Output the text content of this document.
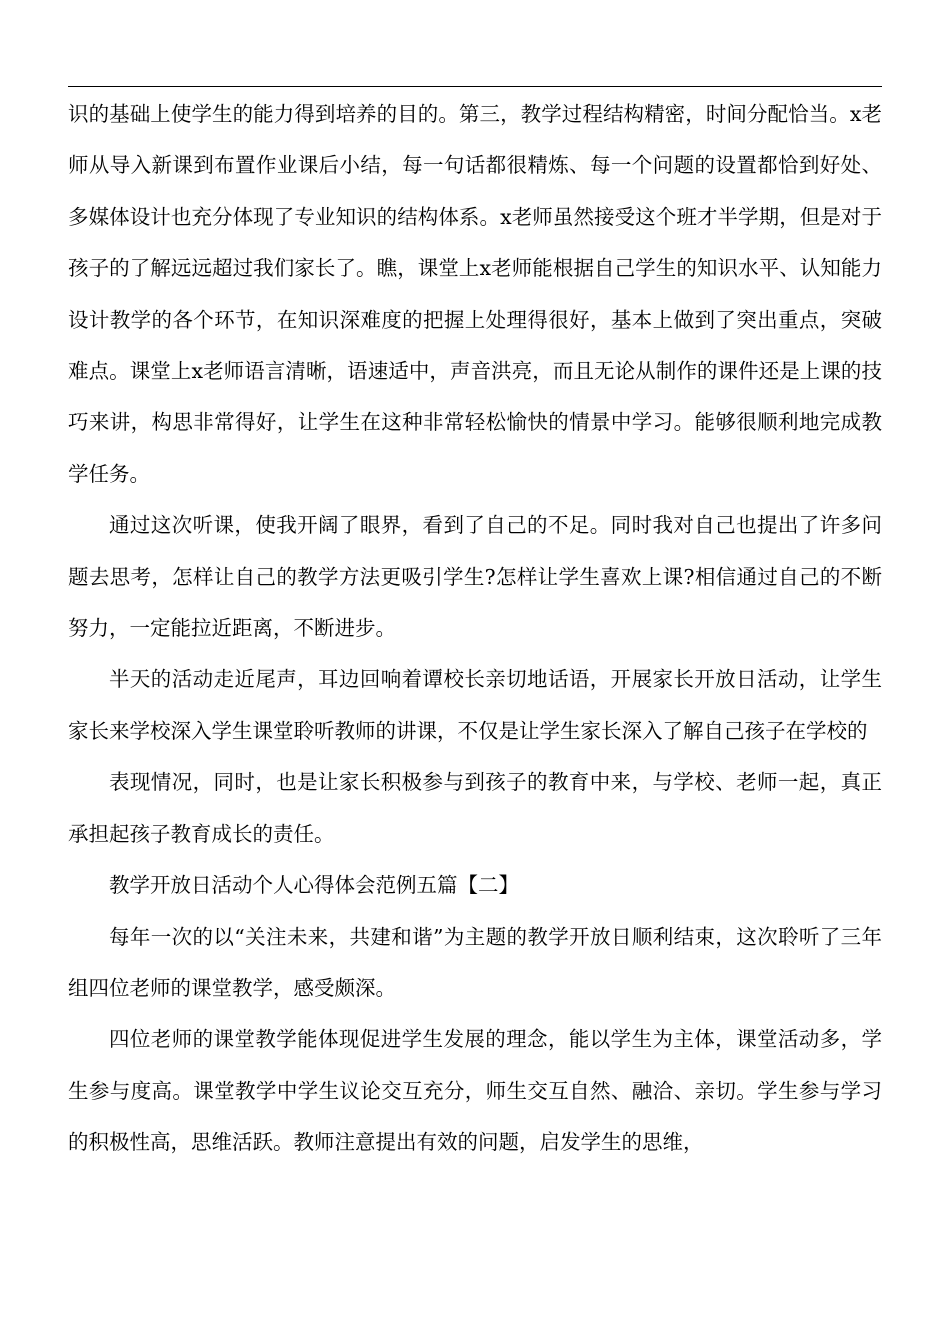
识的基础上使学生的能力得到培养的目的。第三，教学过程结构精密，时间分配恰当。x老师从导入新课到布置作业课后小结，每一句话都很精炼、每一个问题的设置都恰到好处、多媒体设计也充分体现了专业知识的结构体系。x老师虽然接受这个班才半学期，但是对于孩子的了解远远超过我们家长了。瞧，课堂上x老师能根据自己学生的知识水平、认知能力设计教学的各个环节，在知识深难度的把握上处理得很好，基本上做到了突出重点，突破难点。课堂上x老师语言清晰，语速适中，声音洪亮，而且无论从制作的课件还是上课的技巧来讲，构思非常得好，让学生在这种非常轻松愉快的情景中学习。能够很顺利地完成教学任务。

通过这次听课，使我开阔了眼界，看到了自己的不足。同时我对自己也提出了许多问题去思考，怎样让自己的教学方法更吸引学生?怎样让学生喜欢上课?相信通过自己的不断努力，一定能拉近距离，不断进步。

半天的活动走近尾声，耳边回响着谭校长亲切地话语，开展家长开放日活动，让学生家长来学校深入学生课堂聆听教师的讲课，不仅是让学生家长深入了解自己孩子在学校的

表现情况，同时，也是让家长积极参与到孩子的教育中来，与学校、老师一起，真正承担起孩子教育成长的责任。

教学开放日活动个人心得体会范例五篇【二】

每年一次的以“关注未来，共建和谐”为主题的教学开放日顺利结束，这次聆听了三年组四位老师的课堂教学，感受颇深。

四位老师的课堂教学能体现促进学生发展的理念，能以学生为主体，课堂活动多，学生参与度高。课堂教学中学生议论交互充分，师生交互自然、融洽、亲切。学生参与学习的积极性高，思维活跃。教师注意提出有效的问题，启发学生的思维，
